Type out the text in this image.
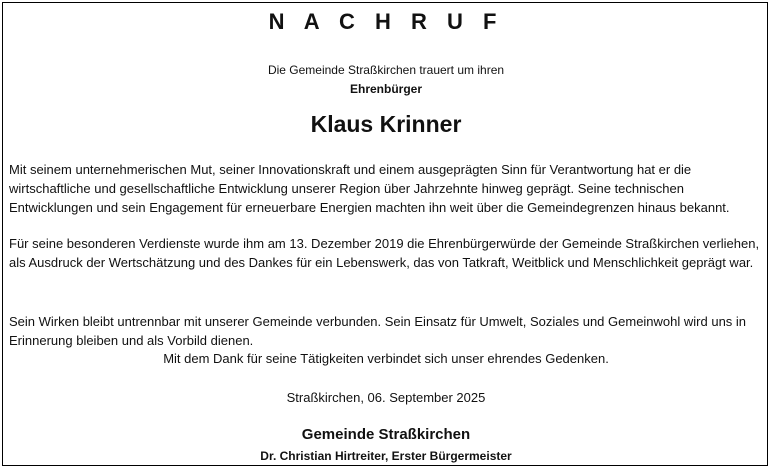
N A C H R U F
Die Gemeinde Straßkirchen trauert um ihren
Ehrenbürger
Klaus Krinner

Mit seinem unternehmerischen Mut, seiner Innovationskraft und einem ausgeprägten Sinn für Verantwortung hat er die wirtschaftliche und gesellschaftliche Entwicklung unserer Region über Jahrzehnte hinweg geprägt. Seine technischen Entwicklungen und sein Engagement für erneuerbare Energien machten ihn weit über die Gemeindegrenzen hinaus bekannt.

Für seine besonderen Verdienste wurde ihm am 13. Dezember 2019 die Ehrenbürgerwürde der Gemeinde Straßkirchen verliehen, als Ausdruck der Wertschätzung und des Dankes für ein Lebenswerk, das von Tatkraft, Weitblick und Menschlichkeit geprägt war.

Sein Wirken bleibt untrennbar mit unserer Gemeinde verbunden. Sein Einsatz für Umwelt, Soziales und Gemeinwohl wird uns in Erinnerung bleiben und als Vorbild dienen.

Mit dem Dank für seine Tätigkeiten verbindet sich unser ehrendes Gedenken.
Straßkirchen, 06. September 2025
Gemeinde Straßkirchen
Dr. Christian Hirtreiter, Erster Bürgermeister
